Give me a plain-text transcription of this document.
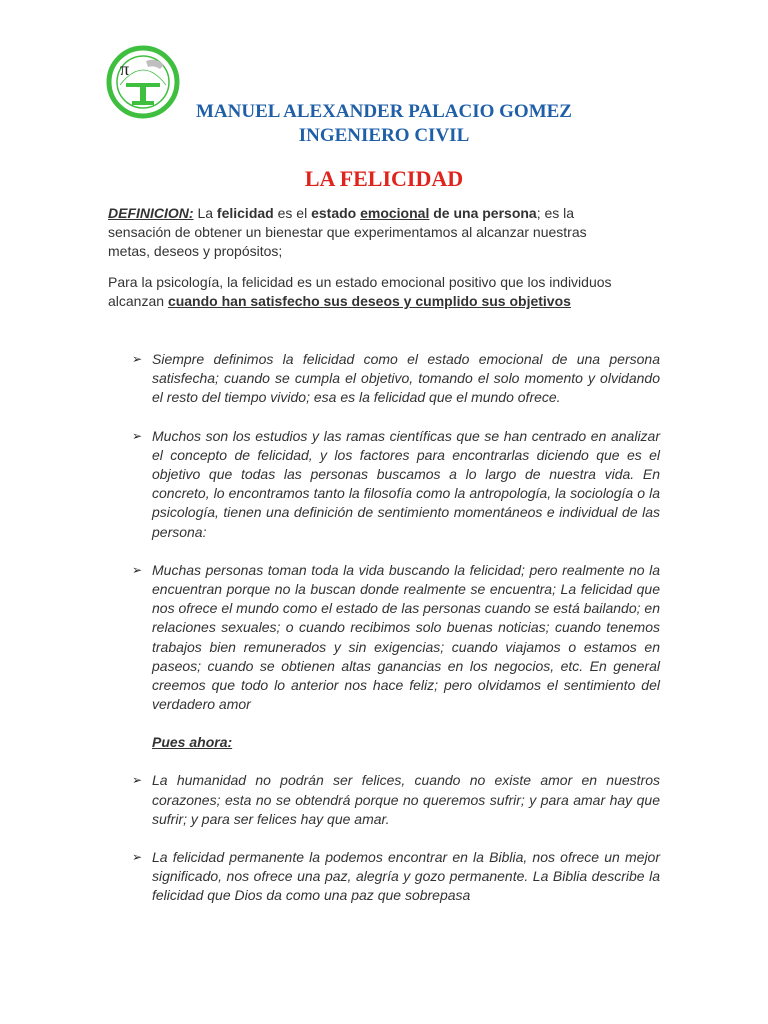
π
MANUEL ALEXANDER PALACIO GOMEZ
INGENIERO CIVIL
LA FELICIDAD
DEFINICION: La felicidad es el estado emocional de una persona; es la sensación de obtener un bienestar que experimentamos al alcanzar nuestras metas, deseos y propósitos;
Para la psicología, la felicidad es un estado emocional positivo que los individuos alcanzan cuando han satisfecho sus deseos y cumplido sus objetivos
➢ Siempre definimos la felicidad como el estado emocional de una persona satisfecha; cuando se cumpla el objetivo, tomando el solo momento y olvidando el resto del tiempo vivido; esa es la felicidad que el mundo ofrece.
➢ Muchos son los estudios y las ramas científicas que se han centrado en analizar el concepto de felicidad, y los factores para encontrarlas diciendo que es el objetivo que todas las personas buscamos a lo largo de nuestra vida. En concreto, lo encontramos tanto la filosofía como la antropología, la sociología o la psicología, tienen una definición de sentimiento momentáneos e individual de las persona:
➢ Muchas personas toman toda la vida buscando la felicidad; pero realmente no la encuentran porque no la buscan donde realmente se encuentra; La felicidad que nos ofrece el mundo como el estado de las personas cuando se está bailando; en relaciones sexuales; o cuando recibimos solo buenas noticias; cuando tenemos trabajos bien remunerados y sin exigencias; cuando viajamos o estamos en paseos; cuando se obtienen altas ganancias en los negocios, etc. En general creemos que todo lo anterior nos hace feliz; pero olvidamos el sentimiento del verdadero amor
Pues ahora:
➢ La humanidad no podrán ser felices, cuando no existe amor en nuestros corazones; esta no se obtendrá porque no queremos sufrir; y para amar hay que sufrir; y para ser felices hay que amar.
➢ La felicidad permanente la podemos encontrar en la Biblia, nos ofrece un mejor significado, nos ofrece una paz, alegría y gozo permanente. La Biblia describe la felicidad que Dios da como una paz que sobrepasa
